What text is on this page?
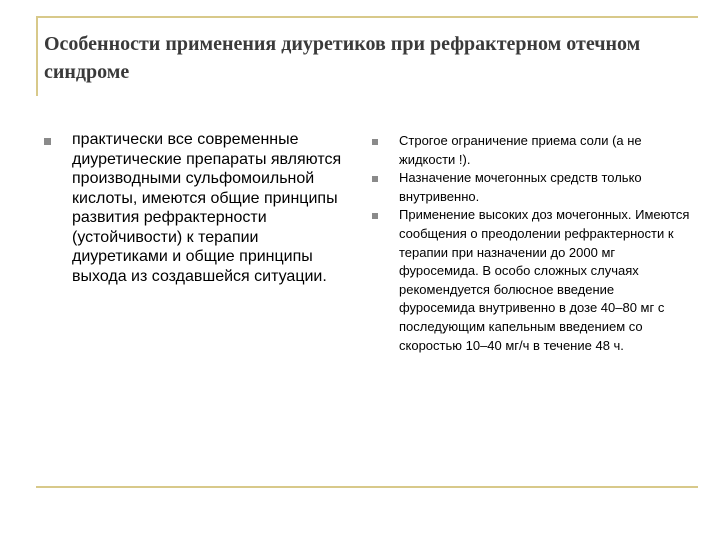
Особенности применения диуретиков при рефрактерном отечном синдроме
практически все современные диуретические препараты являются производными сульфомоильной кислоты, имеются общие принципы развития рефрактерности (устойчивости) к терапии диуретиками и общие принципы выхода из создавшейся ситуации.
Строгое ограничение приема соли (а не жидкости !).
Назначение мочегонных средств только внутривенно.
Применение высоких доз мочегонных. Имеются сообщения о преодолении рефрактерности к терапии при назначении до 2000 мг фуросемида. В особо сложных случаях рекомендуется болюсное введение фуросемида внутривенно в дозе 40–80 мг с последующим капельным введением со скоростью 10–40 мг/ч в течение 48 ч.
